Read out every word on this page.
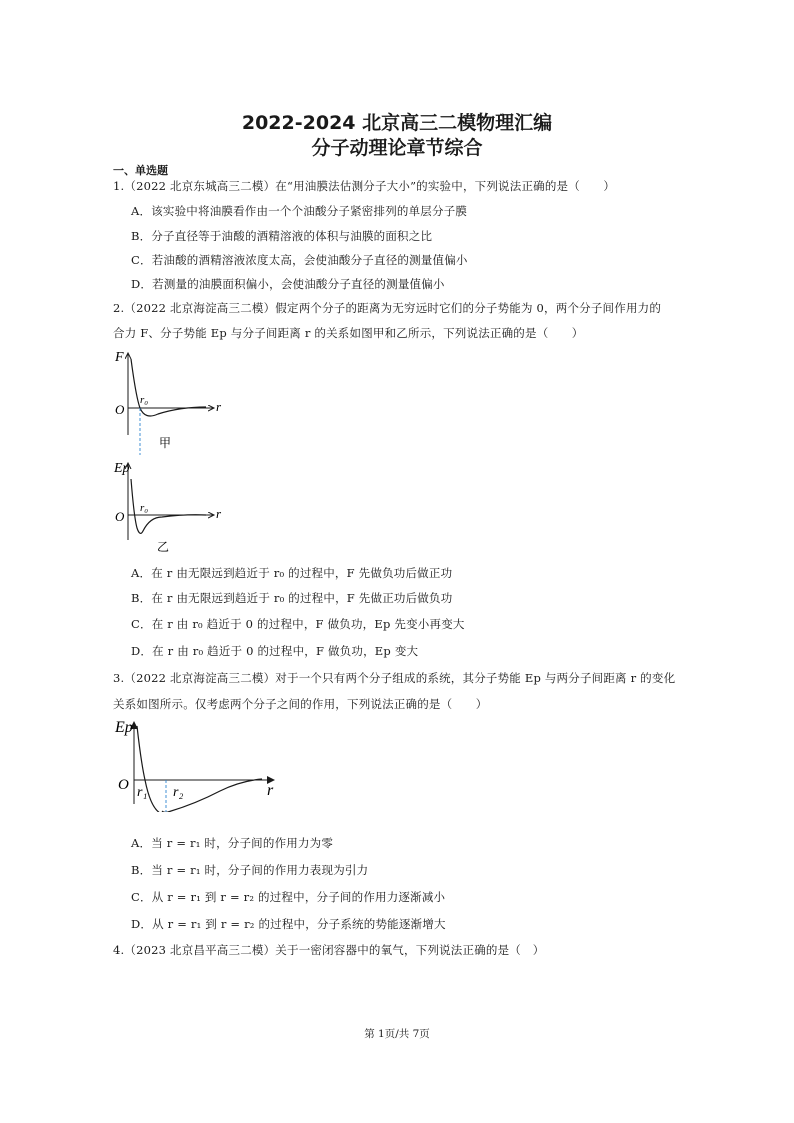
2022-2024 北京高三二模物理汇编
分子动理论章节综合
一、单选题
1.（2022 北京东城高三二模）在“用油膜法估测分子大小”的实验中，下列说法正确的是（　　）
A．该实验中将油膜看作由一个个油酸分子紧密排列的单层分子膜
B．分子直径等于油酸的酒精溶液的体积与油膜的面积之比
C．若油酸的酒精溶液浓度太高，会使油酸分子直径的测量值偏小
D．若测量的油膜面积偏小，会使油酸分子直径的测量值偏小
2.（2022 北京海淀高三二模）假定两个分子的距离为无穷远时它们的分子势能为 0，两个分子间作用力的
合力 F、分子势能 Ep 与分子间距离 r 的关系如图甲和乙所示，下列说法正确的是（　　）
F
O	r
r₀
甲
Ep
O	r
r₀
乙
A．在 r 由无限远到趋近于 r₀ 的过程中，F 先做负功后做正功
B．在 r 由无限远到趋近于 r₀ 的过程中，F 先做正功后做负功
C．在 r 由 r₀ 趋近于 0 的过程中，F 做负功，Ep 先变小再变大
D．在 r 由 r₀ 趋近于 0 的过程中，F 做负功，Ep 变大
3.（2022 北京海淀高三二模）对于一个只有两个分子组成的系统，其分子势能 Ep 与两分子间距离 r 的变化
关系如图所示。仅考虑两个分子之间的作用，下列说法正确的是（　　）
Ep
O	r
r₁ r₂
A．当 r = r₁ 时，分子间的作用力为零
B．当 r = r₁ 时，分子间的作用力表现为引力
C．从 r = r₁ 到 r = r₂ 的过程中，分子间的作用力逐渐减小
D．从 r = r₁ 到 r = r₂ 的过程中，分子系统的势能逐渐增大
4.（2023 北京昌平高三二模）关于一密闭容器中的氧气，下列说法正确的是（　）
第 1页/共 7页
